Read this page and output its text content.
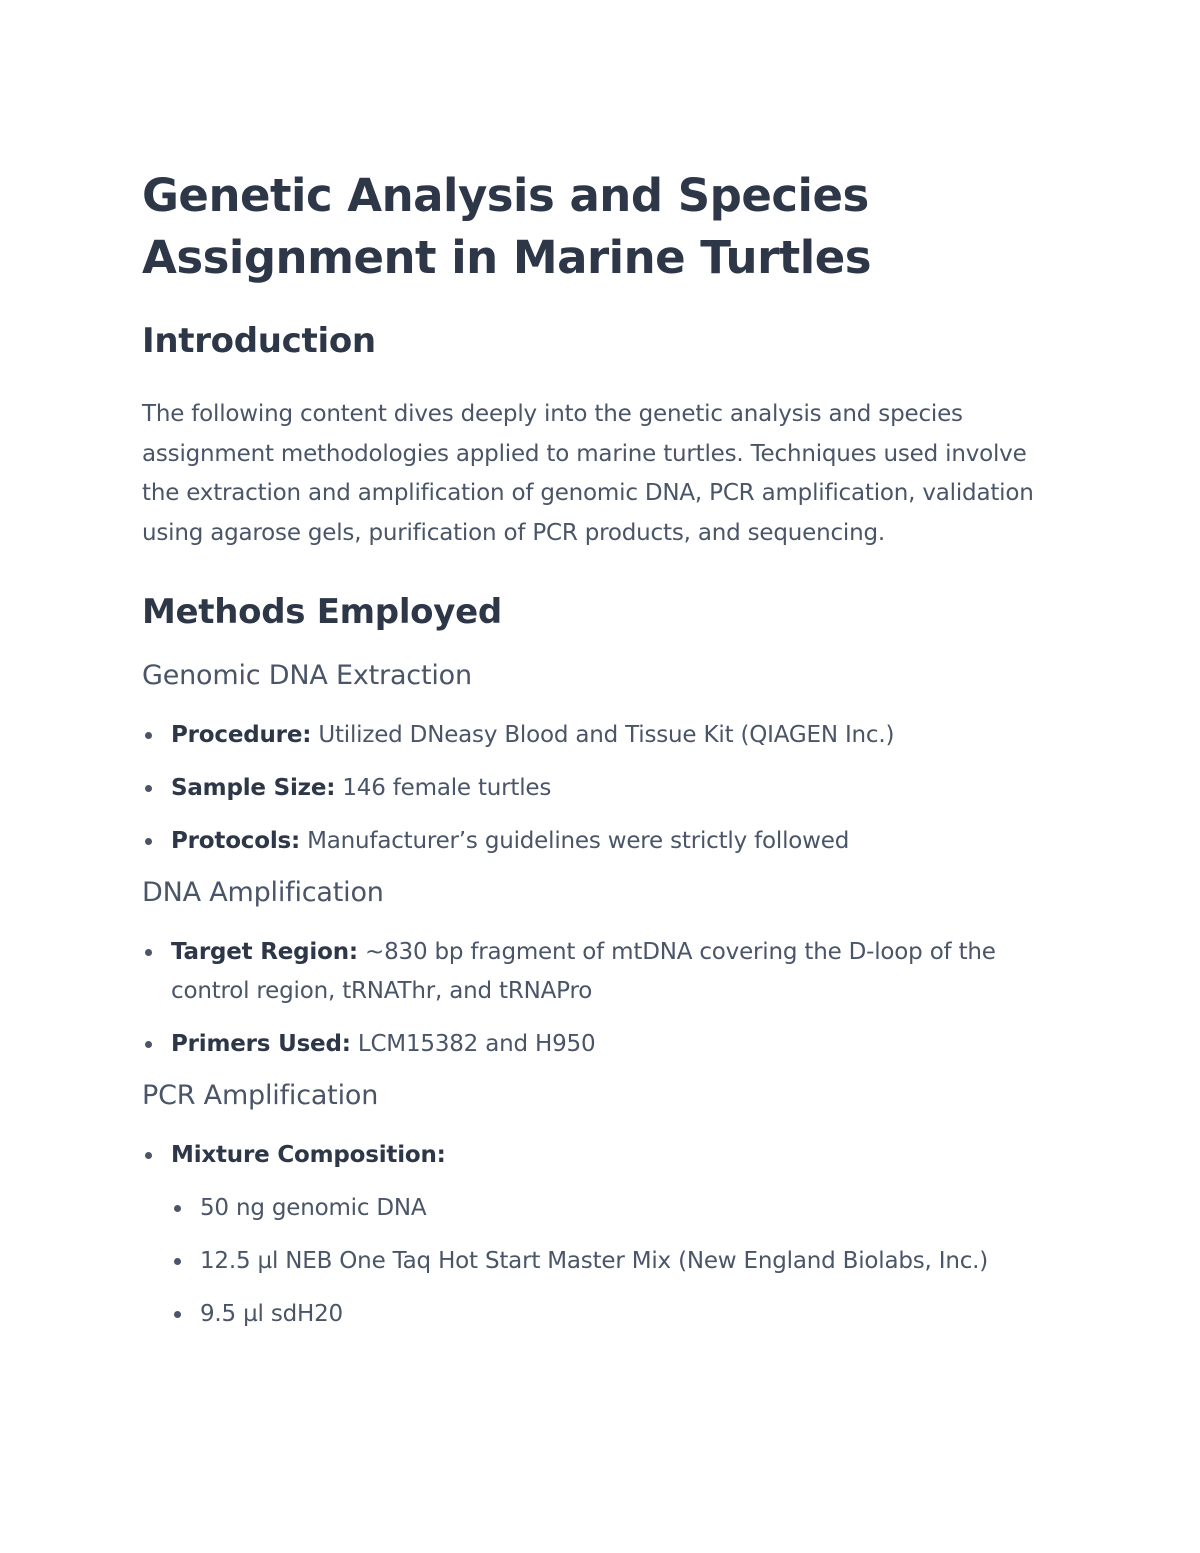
Genetic Analysis and Species Assignment in Marine Turtles
Introduction

The following content dives deeply into the genetic analysis and species assignment methodologies applied to marine turtles. Techniques used involve the extraction and amplification of genomic DNA, PCR amplification, validation using agarose gels, purification of PCR products, and sequencing.

Methods Employed
Genomic DNA Extraction
Procedure: Utilized DNeasy Blood and Tissue Kit (QIAGEN Inc.)
Sample Size: 146 female turtles
Protocols: Manufacturer’s guidelines were strictly followed
DNA Amplification
Target Region: ~830 bp fragment of mtDNA covering the D-loop of the control region, tRNAThr, and tRNAPro
Primers Used: LCM15382 and H950
PCR Amplification
Mixture Composition:
50 ng genomic DNA
12.5 µl NEB One Taq Hot Start Master Mix (New England Biolabs, Inc.)
9.5 µl sdH20
